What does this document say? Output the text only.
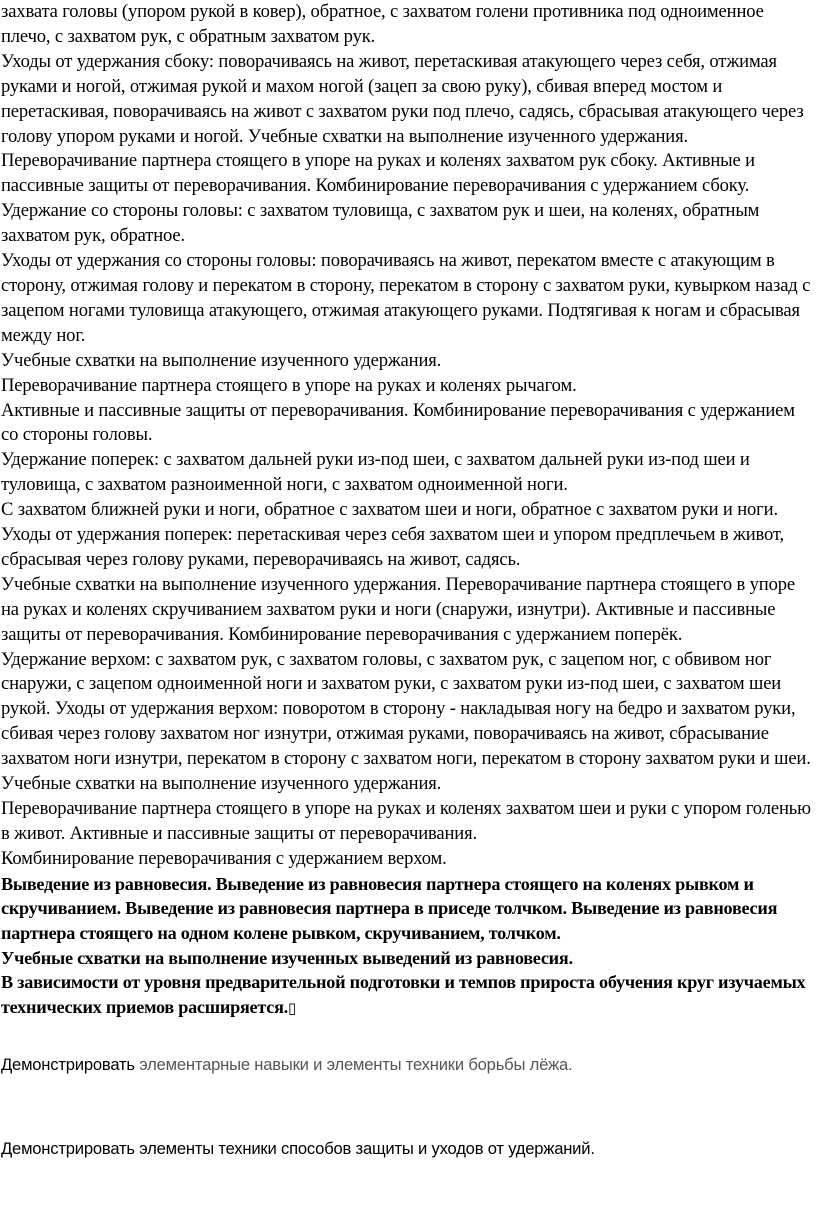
захвата головы (упором рукой в ковер), обратное, с захватом голени противника под одноименное плечо, с захватом рук, с обратным захватом рук.

Уходы от удержания сбоку: поворачиваясь на живот, перетаскивая атакующего через себя, отжимая руками и ногой, отжимая рукой и махом ногой (зацеп за свою руку), сбивая вперед мостом и перетаскивая, поворачиваясь на живот с захватом руки под плечо, садясь, сбрасывая атакующего через голову упором руками и ногой. Учебные схватки на выполнение изученного удержания. Переворачивание партнера стоящего в упоре на руках и коленях захватом рук сбоку. Активные и пассивные защиты от переворачивания. Комбинирование переворачивания с удержанием сбоку.

Удержание со стороны головы: с захватом туловища, с захватом рук и шеи, на коленях, обратным захватом рук, обратное.

Уходы от удержания со стороны головы: поворачиваясь на живот, перекатом вместе с атакующим в сторону, отжимая голову и перекатом в сторону, перекатом в сторону с захватом руки, кувырком назад с зацепом ногами туловища атакующего, отжимая атакующего руками. Подтягивая к ногам и сбрасывая между ног.

Учебные схватки на выполнение изученного удержания.

Переворачивание партнера стоящего в упоре на руках и коленях рычагом.

Активные и пассивные защиты от переворачивания. Комбинирование переворачивания с удержанием со стороны головы.

Удержание поперек: с захватом дальней руки из-под шеи, с захватом дальней руки из-под шеи и туловища, с захватом разноименной ноги, с захватом одноименной ноги.

С захватом ближней руки и ноги, обратное с захватом шеи и ноги, обратное с захватом руки и ноги. Уходы от удержания поперек: перетаскивая через себя захватом шеи и упором предплечьем в живот, сбрасывая через голову руками, переворачиваясь на живот, садясь.

Учебные схватки на выполнение изученного удержания. Переворачивание партнера стоящего в упоре на руках и коленях скручиванием захватом руки и ноги (снаружи, изнутри). Активные и пассивные защиты от переворачивания. Комбинирование переворачивания с удержанием поперёк.

Удержание верхом: с захватом рук, с захватом головы, с захватом рук, с зацепом ног, с обвивом ног снаружи, с зацепом одноименной ноги и захватом руки, с захватом руки из-под шеи, с захватом шеи рукой. Уходы от удержания верхом: поворотом в сторону - накладывая ногу на бедро и захватом руки, сбивая через голову захватом ног изнутри, отжимая руками, поворачиваясь на живот, сбрасывание захватом ноги изнутри, перекатом в сторону с захватом ноги, перекатом в сторону захватом руки и шеи.

Учебные схватки на выполнение изученного удержания.

Переворачивание партнера стоящего в упоре на руках и коленях захватом шеи и руки с упором голенью в живот. Активные и пассивные защиты от переворачивания.

Комбинирование переворачивания с удержанием верхом.

Выведение из равновесия. Выведение из равновесия партнера стоящего на коленях рывком и скручиванием. Выведение из равновесия партнера в приседе толчком. Выведение из равновесия партнера стоящего на одном колене рывком, скручиванием, толчком.

Учебные схватки на выполнение изученных выведений из равновесия.

В зависимости от уровня предварительной подготовки и темпов прироста обучения круг изучаемых технических приемов расширяется.▯

Демонстрировать элементарные навыки и элементы техники борьбы лёжа.

Демонстрировать элементы техники способов защиты и уходов от удержаний.
